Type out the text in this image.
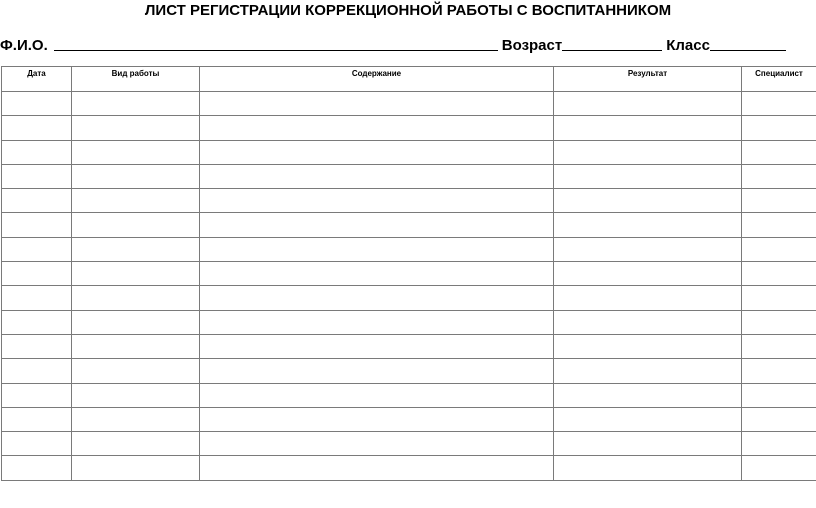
ЛИСТ РЕГИСТРАЦИИ КОРРЕКЦИОННОЙ РАБОТЫ С ВОСПИТАННИКОМ
Ф.И.О.	Возраст	Класс
Дата	Вид работы	Содержание	Результат	Специалист
